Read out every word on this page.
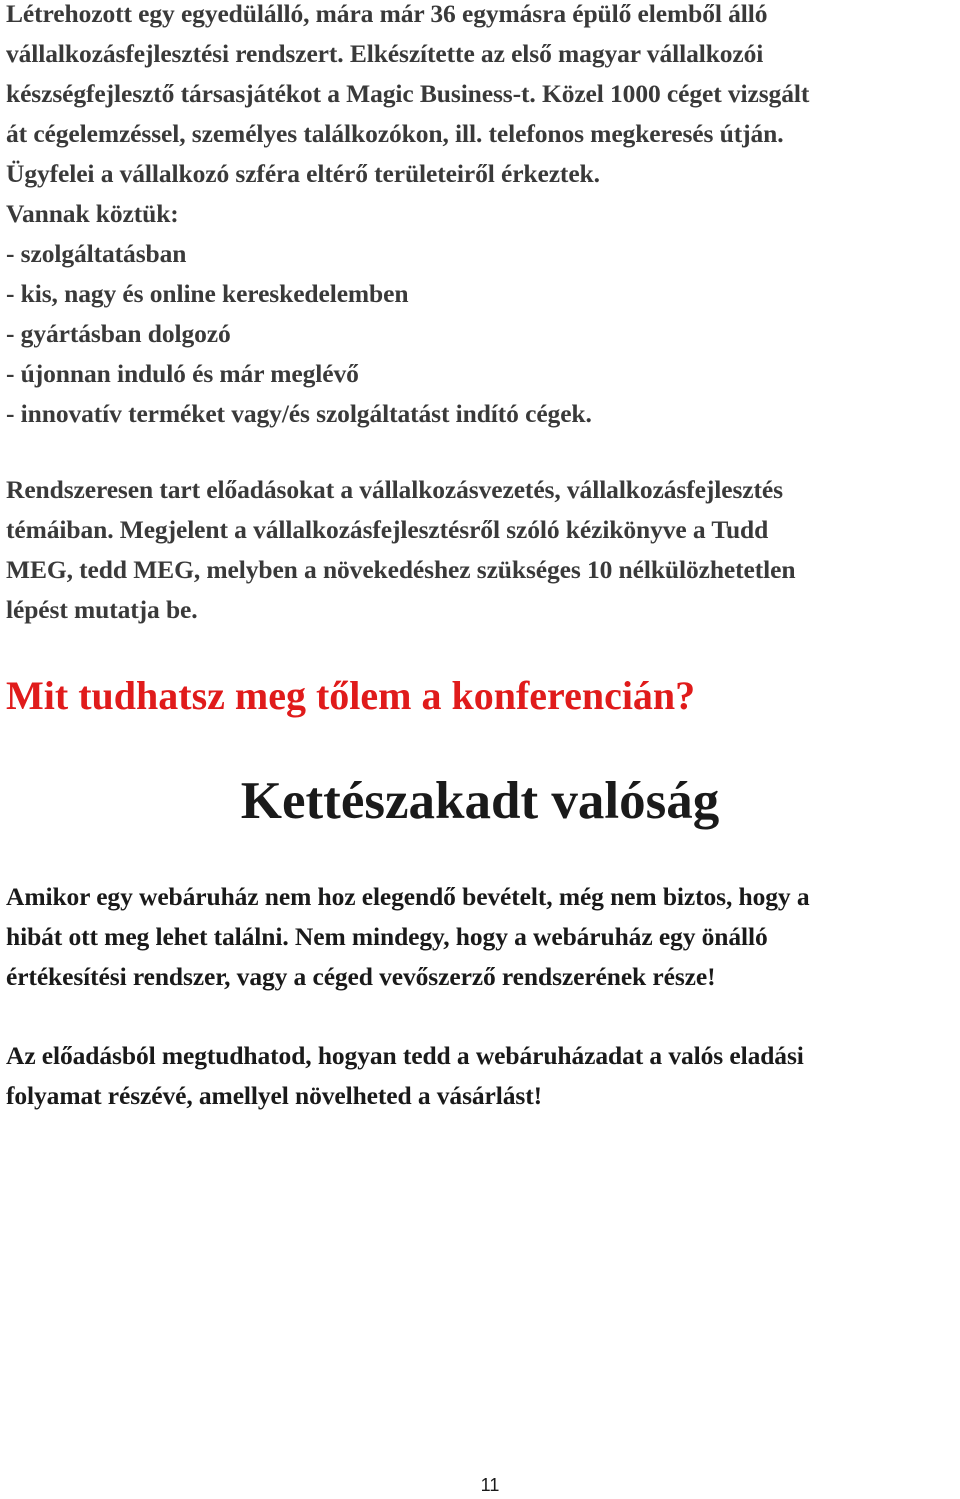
Létrehozott egy egyedülálló, mára már 36 egymásra épülő elemből álló
vállalkozásfejlesztési rendszert. Elkészítette az első magyar vállalkozói
készségfejlesztő társasjátékot a Magic Business-t. Közel 1000 céget vizsgált
át cégelemzéssel, személyes találkozókon, ill. telefonos megkeresés útján.
Ügyfelei a vállalkozó szféra eltérő területeiről érkeztek.
Vannak köztük:
- szolgáltatásban
- kis, nagy és online kereskedelemben
- gyártásban dolgozó
- újonnan induló és már meglévő
- innovatív terméket vagy/és szolgáltatást indító cégek.
Rendszeresen tart előadásokat a vállalkozásvezetés, vállalkozásfejlesztés
témáiban. Megjelent a vállalkozásfejlesztésről szóló kézikönyve a Tudd
MEG, tedd MEG, melyben a növekedéshez szükséges 10 nélkülözhetetlen
lépést mutatja be.
Mit tudhatsz meg tőlem a konferencián?
Kettészakadt valóság
Amikor egy webáruház nem hoz elegendő bevételt, még nem biztos, hogy a
hibát ott meg lehet találni. Nem mindegy, hogy a webáruház egy önálló
értékesítési rendszer, vagy a céged vevőszerző rendszerének része!
Az előadásból megtudhatod, hogyan tedd a webáruházadat a valós eladási
folyamat részévé, amellyel növelheted a vásárlást!
11
